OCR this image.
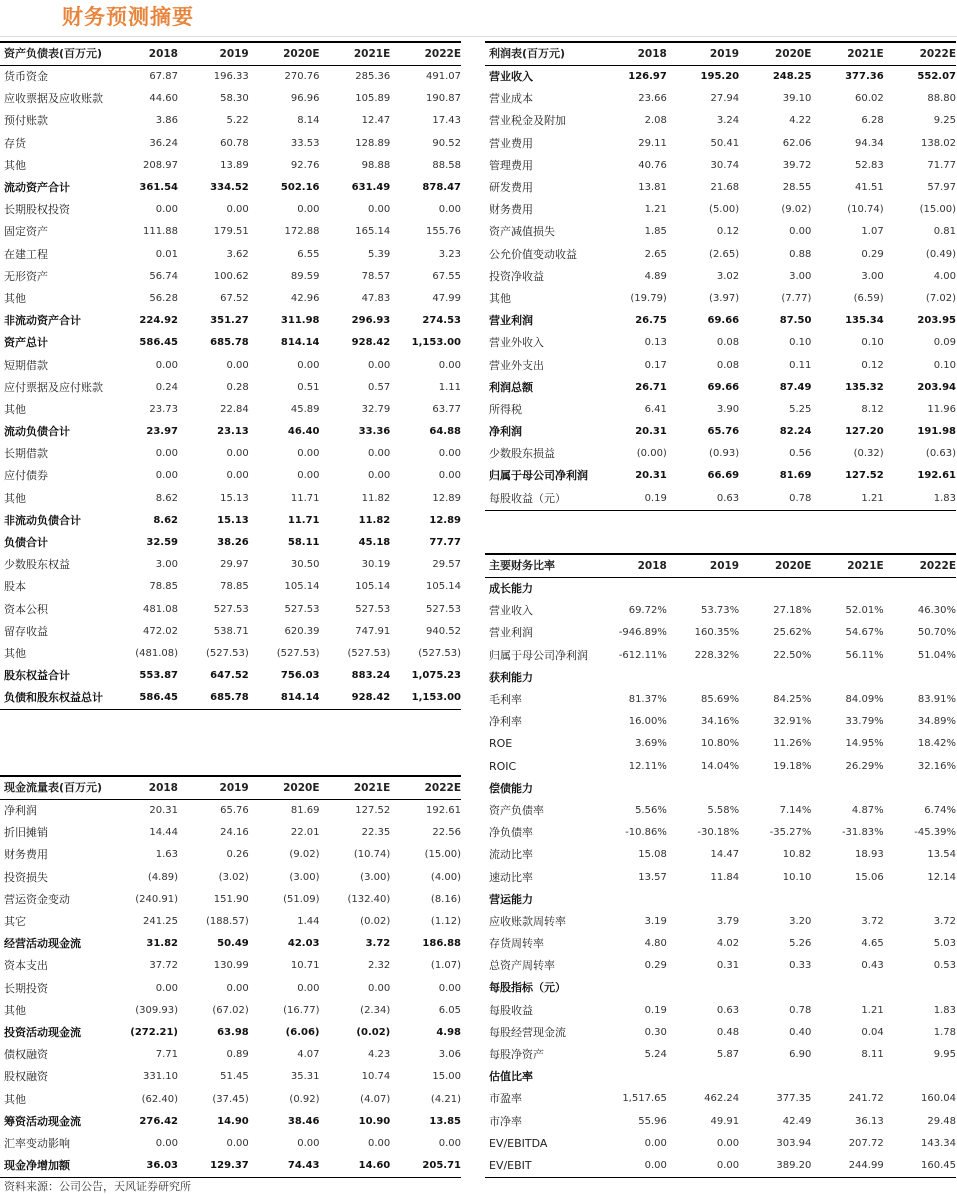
财务预测摘要
资产负债表(百万元)	2018	2019	2020E	2021E	2022E
货币资金	67.87	196.33	270.76	285.36	491.07
应收票据及应收账款	44.60	58.30	96.96	105.89	190.87
预付账款	3.86	5.22	8.14	12.47	17.43
存货	36.24	60.78	33.53	128.89	90.52
其他	208.97	13.89	92.76	98.88	88.58
流动资产合计	361.54	334.52	502.16	631.49	878.47
长期股权投资	0.00	0.00	0.00	0.00	0.00
固定资产	111.88	179.51	172.88	165.14	155.76
在建工程	0.01	3.62	6.55	5.39	3.23
无形资产	56.74	100.62	89.59	78.57	67.55
其他	56.28	67.52	42.96	47.83	47.99
非流动资产合计	224.92	351.27	311.98	296.93	274.53
资产总计	586.45	685.78	814.14	928.42	1,153.00
短期借款	0.00	0.00	0.00	0.00	0.00
应付票据及应付账款	0.24	0.28	0.51	0.57	1.11
其他	23.73	22.84	45.89	32.79	63.77
流动负债合计	23.97	23.13	46.40	33.36	64.88
长期借款	0.00	0.00	0.00	0.00	0.00
应付债券	0.00	0.00	0.00	0.00	0.00
其他	8.62	15.13	11.71	11.82	12.89
非流动负债合计	8.62	15.13	11.71	11.82	12.89
负债合计	32.59	38.26	58.11	45.18	77.77
少数股东权益	3.00	29.97	30.50	30.19	29.57
股本	78.85	78.85	105.14	105.14	105.14
资本公积	481.08	527.53	527.53	527.53	527.53
留存收益	472.02	538.71	620.39	747.91	940.52
其他	(481.08)	(527.53)	(527.53)	(527.53)	(527.53)
股东权益合计	553.87	647.52	756.03	883.24	1,075.23
负债和股东权益总计	586.45	685.78	814.14	928.42	1,153.00
利润表(百万元)	2018	2019	2020E	2021E	2022E
营业收入	126.97	195.20	248.25	377.36	552.07
营业成本	23.66	27.94	39.10	60.02	88.80
营业税金及附加	2.08	3.24	4.22	6.28	9.25
营业费用	29.11	50.41	62.06	94.34	138.02
管理费用	40.76	30.74	39.72	52.83	71.77
研发费用	13.81	21.68	28.55	41.51	57.97
财务费用	1.21	(5.00)	(9.02)	(10.74)	(15.00)
资产减值损失	1.85	0.12	0.00	1.07	0.81
公允价值变动收益	2.65	(2.65)	0.88	0.29	(0.49)
投资净收益	4.89	3.02	3.00	3.00	4.00
其他	(19.79)	(3.97)	(7.77)	(6.59)	(7.02)
营业利润	26.75	69.66	87.50	135.34	203.95
营业外收入	0.13	0.08	0.10	0.10	0.09
营业外支出	0.17	0.08	0.11	0.12	0.10
利润总额	26.71	69.66	87.49	135.32	203.94
所得税	6.41	3.90	5.25	8.12	11.96
净利润	20.31	65.76	82.24	127.20	191.98
少数股东损益	(0.00)	(0.93)	0.56	(0.32)	(0.63)
归属于母公司净利润	20.31	66.69	81.69	127.52	192.61
每股收益（元）	0.19	0.63	0.78	1.21	1.83
主要财务比率	2018	2019	2020E	2021E	2022E
成长能力					
营业收入	69.72%	53.73%	27.18%	52.01%	46.30%
营业利润	-946.89%	160.35%	25.62%	54.67%	50.70%
归属于母公司净利润	-612.11%	228.32%	22.50%	56.11%	51.04%
获利能力					
毛利率	81.37%	85.69%	84.25%	84.09%	83.91%
净利率	16.00%	34.16%	32.91%	33.79%	34.89%
ROE	3.69%	10.80%	11.26%	14.95%	18.42%
ROIC	12.11%	14.04%	19.18%	26.29%	32.16%
偿债能力					
资产负债率	5.56%	5.58%	7.14%	4.87%	6.74%
净负债率	-10.86%	-30.18%	-35.27%	-31.83%	-45.39%
流动比率	15.08	14.47	10.82	18.93	13.54
速动比率	13.57	11.84	10.10	15.06	12.14
营运能力					
应收账款周转率	3.19	3.79	3.20	3.72	3.72
存货周转率	4.80	4.02	5.26	4.65	5.03
总资产周转率	0.29	0.31	0.33	0.43	0.53
每股指标（元）					
每股收益	0.19	0.63	0.78	1.21	1.83
每股经营现金流	0.30	0.48	0.40	0.04	1.78
每股净资产	5.24	5.87	6.90	8.11	9.95
估值比率					
市盈率	1,517.65	462.24	377.35	241.72	160.04
市净率	55.96	49.91	42.49	36.13	29.48
EV/EBITDA	0.00	0.00	303.94	207.72	143.34
EV/EBIT	0.00	0.00	389.20	244.99	160.45
现金流量表(百万元)	2018	2019	2020E	2021E	2022E
净利润	20.31	65.76	81.69	127.52	192.61
折旧摊销	14.44	24.16	22.01	22.35	22.56
财务费用	1.63	0.26	(9.02)	(10.74)	(15.00)
投资损失	(4.89)	(3.02)	(3.00)	(3.00)	(4.00)
营运资金变动	(240.91)	151.90	(51.09)	(132.40)	(8.16)
其它	241.25	(188.57)	1.44	(0.02)	(1.12)
经营活动现金流	31.82	50.49	42.03	3.72	186.88
资本支出	37.72	130.99	10.71	2.32	(1.07)
长期投资	0.00	0.00	0.00	0.00	0.00
其他	(309.93)	(67.02)	(16.77)	(2.34)	6.05
投资活动现金流	(272.21)	63.98	(6.06)	(0.02)	4.98
债权融资	7.71	0.89	4.07	4.23	3.06
股权融资	331.10	51.45	35.31	10.74	15.00
其他	(62.40)	(37.45)	(0.92)	(4.07)	(4.21)
筹资活动现金流	276.42	14.90	38.46	10.90	13.85
汇率变动影响	0.00	0.00	0.00	0.00	0.00
现金净增加额	36.03	129.37	74.43	14.60	205.71
资料来源：公司公告，天风证券研究所
